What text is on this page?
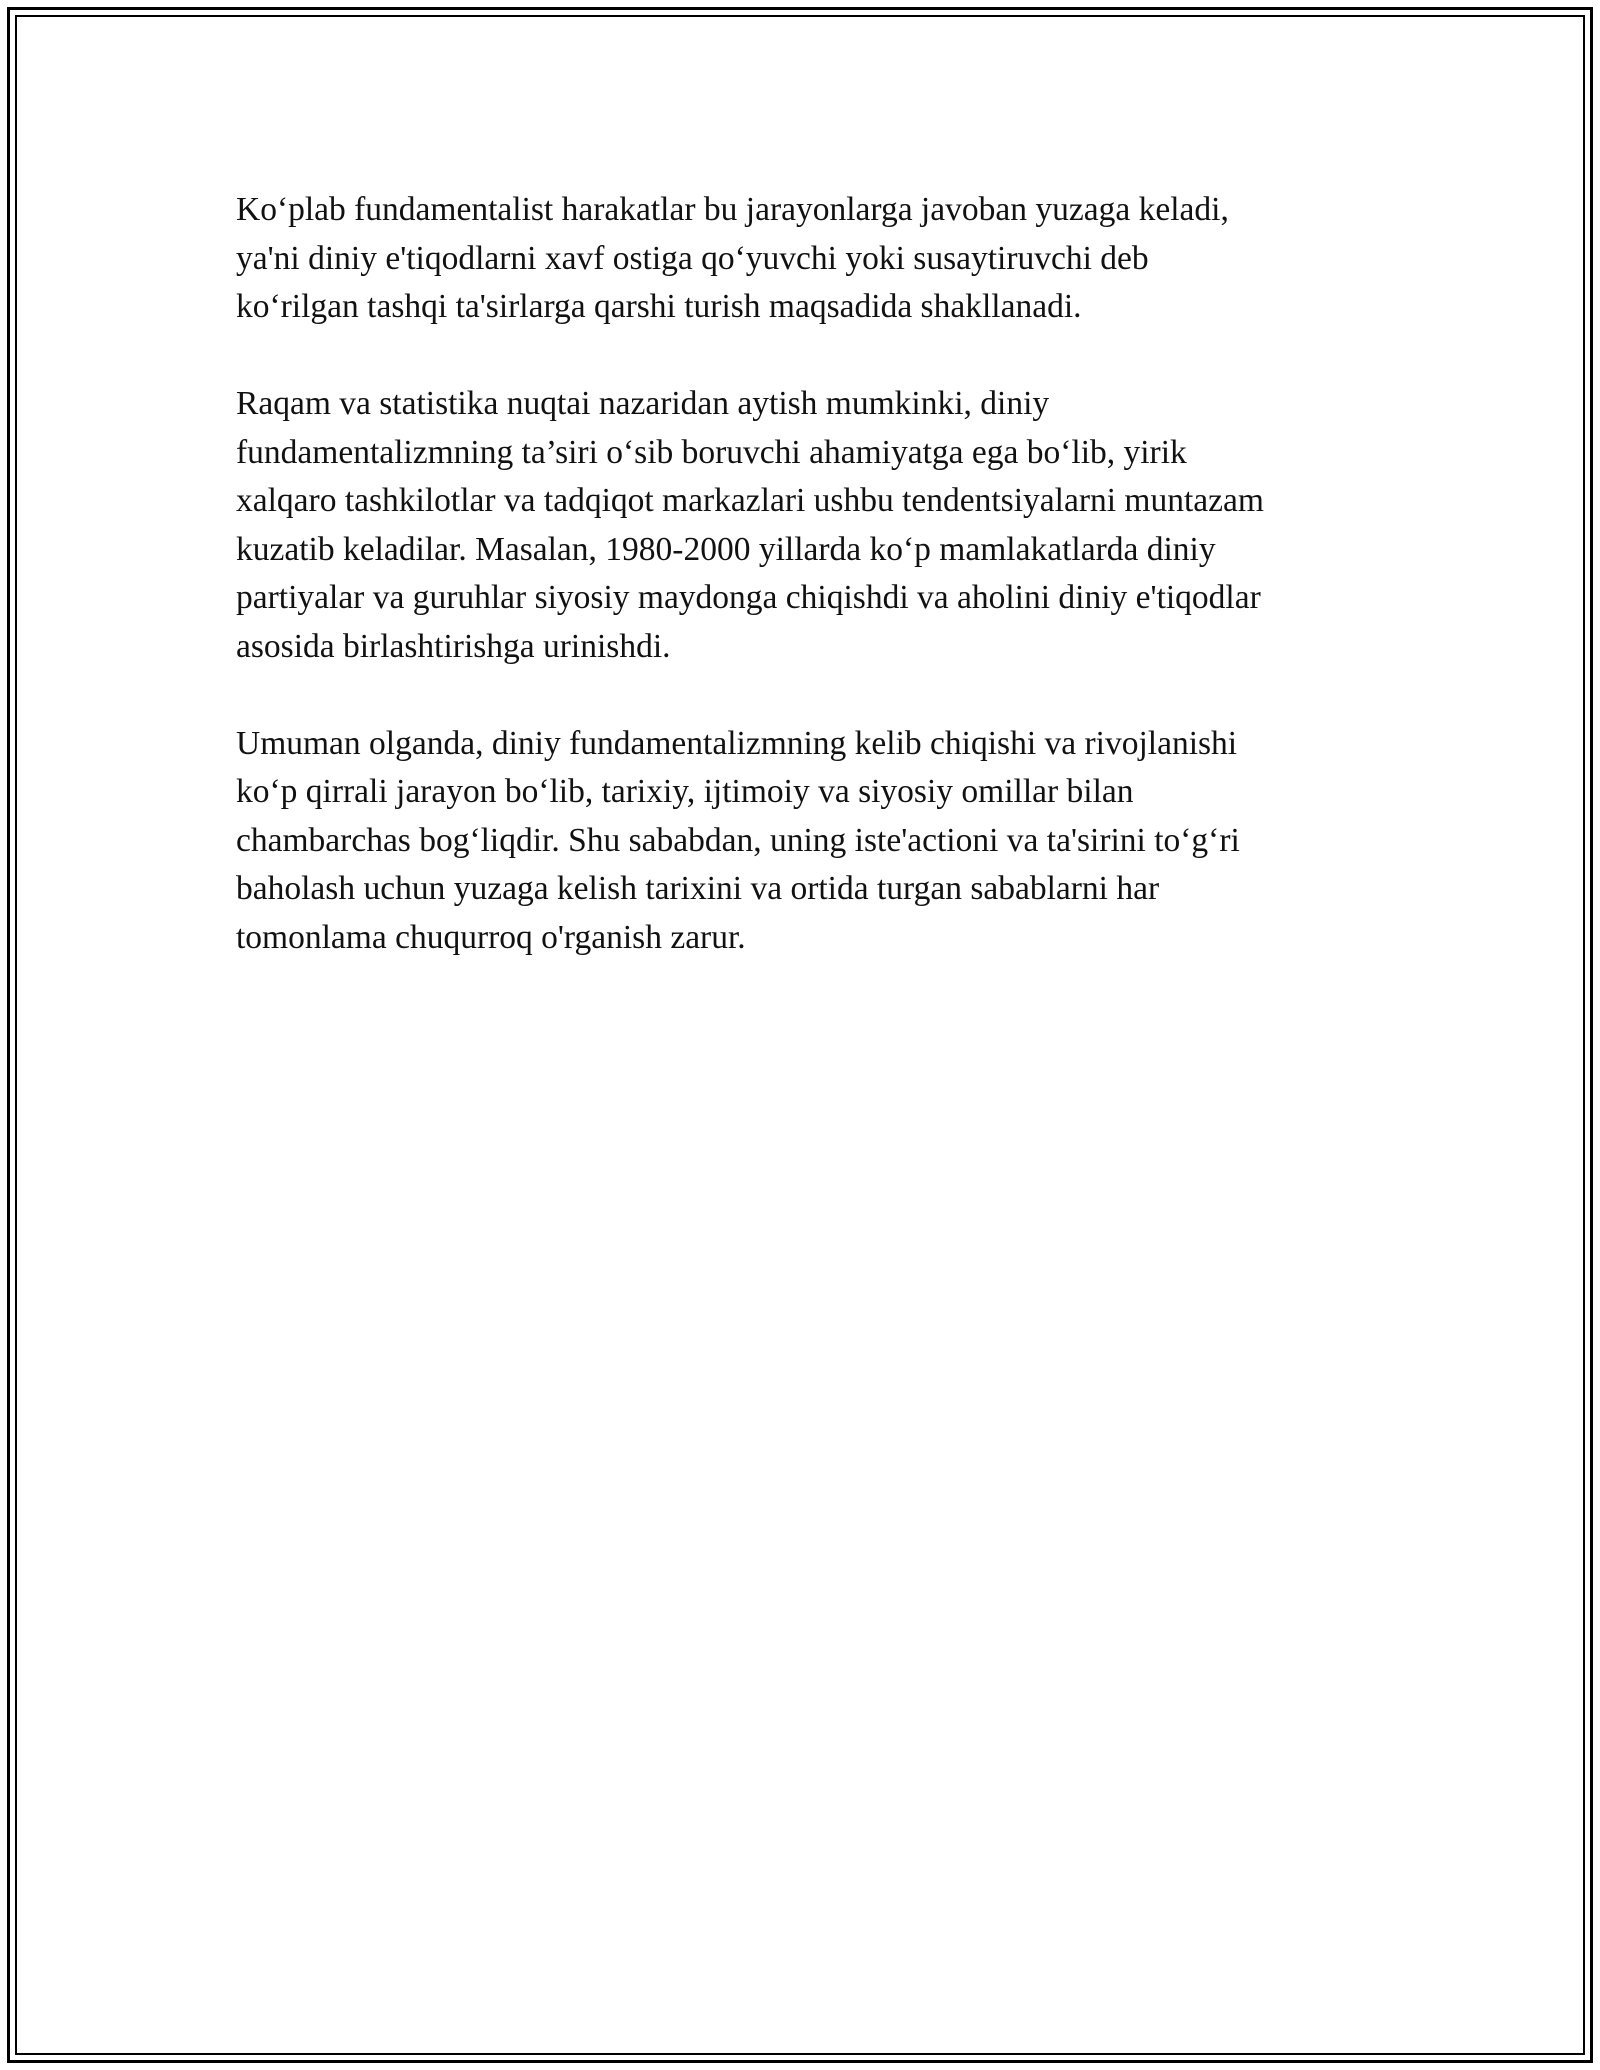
Koʻplab fundamentalist harakatlar bu jarayonlarga javoban yuzaga keladi,
ya'ni diniy e'tiqodlarni xavf ostiga qoʻyuvchi yoki susaytiruvchi deb
koʻrilgan tashqi ta'sirlarga qarshi turish maqsadida shakllanadi.

Raqam va statistika nuqtai nazaridan aytish mumkinki, diniy
fundamentalizmning ta’siri oʻsib boruvchi ahamiyatga ega boʻlib, yirik
xalqaro tashkilotlar va tadqiqot markazlari ushbu tendentsiyalarni muntazam
kuzatib keladilar. Masalan, 1980-2000 yillarda koʻp mamlakatlarda diniy
partiyalar va guruhlar siyosiy maydonga chiqishdi va aholini diniy e'tiqodlar
asosida birlashtirishga urinishdi.

Umuman olganda, diniy fundamentalizmning kelib chiqishi va rivojlanishi
koʻp qirrali jarayon boʻlib, tarixiy, ijtimoiy va siyosiy omillar bilan
chambarchas bogʻliqdir. Shu sababdan, uning iste'actioni va ta'sirini toʻgʻri
baholash uchun yuzaga kelish tarixini va ortida turgan sabablarni har
tomonlama chuqurroq o'rganish zarur.
